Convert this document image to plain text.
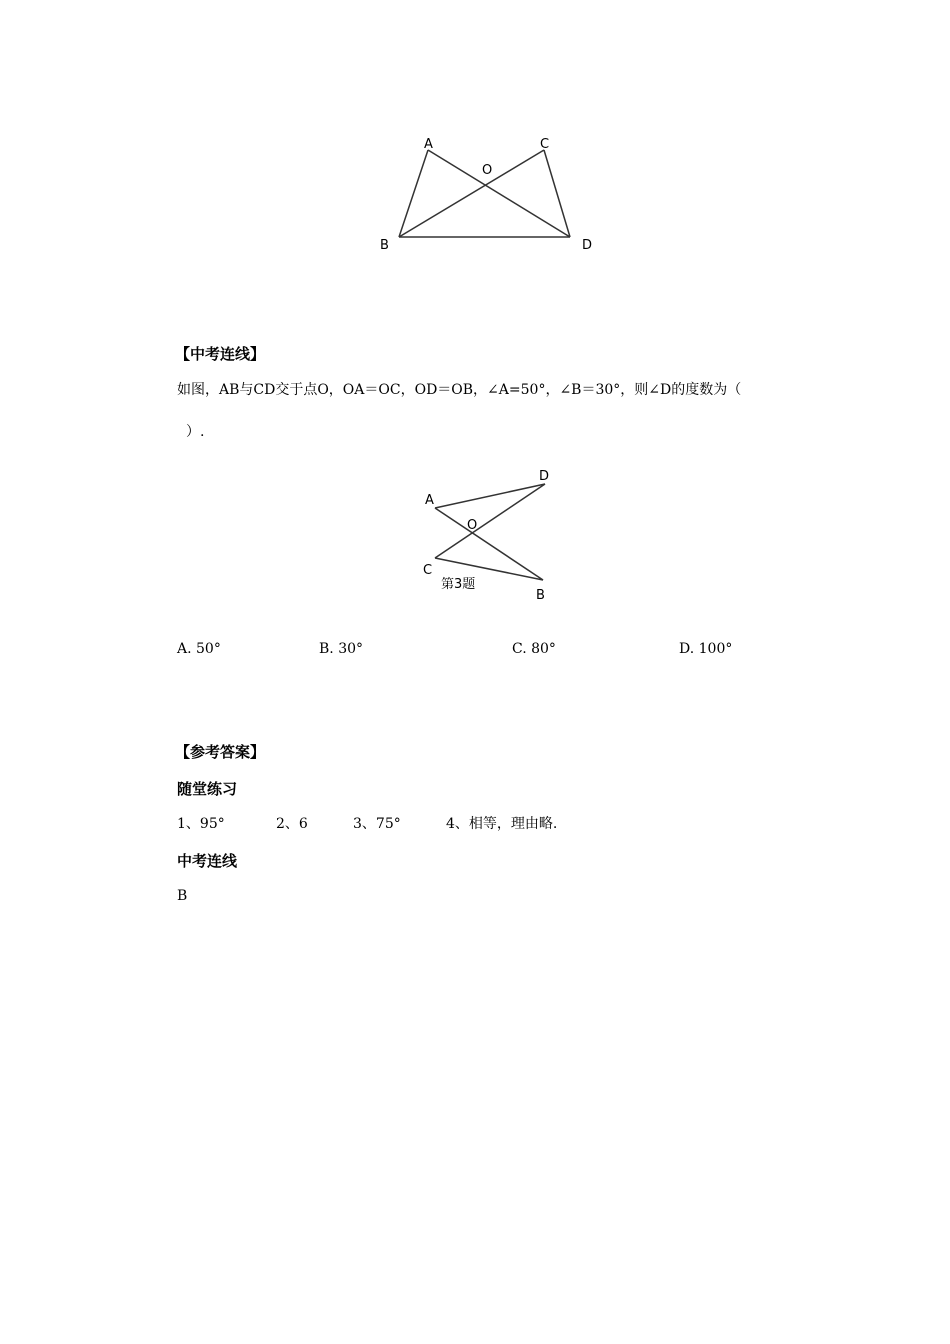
A	C
O
B	D
【中考连线】
如图，AB与CD交于点O，OA＝OC，OD＝OB，∠A=50°，∠B＝30°，则∠D的度数为（
）.
D
A
O
C
第3题
B
A. 50°	B. 30°	C. 80°	D. 100°
【参考答案】
随堂练习
1、95°	2、6	3、75°	4、相等，理由略.
中考连线
B
